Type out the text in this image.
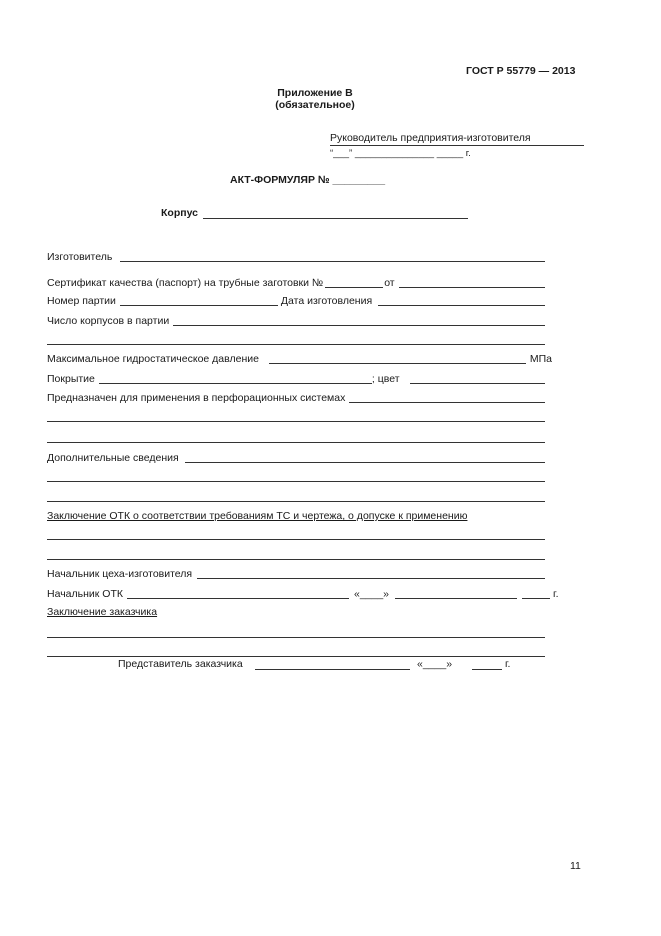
ГОСТ Р 55779 — 2013
Приложение В
(обязательное)
Руководитель предприятия-изготовителя
“___” _______________ _____ г.
АКТ-ФОРМУЛЯР № _________
Корпус
Изготовитель
Сертификат качества (паспорт) на трубные заготовки №	от
Номер партии	Дата изготовления
Число корпусов в партии
Максимальное гидростатическое давление	МПа
Покрытие	; цвет
Предназначен для применения в перфорационных системах
Дополнительные сведения
Заключение ОТК о соответствии требованиям ТС и чертежа, о допуске к применению
Начальник цеха-изготовителя
Начальник ОТК	«____»	г.
Заключение заказчика
Представитель заказчика	«____»	г.
11
